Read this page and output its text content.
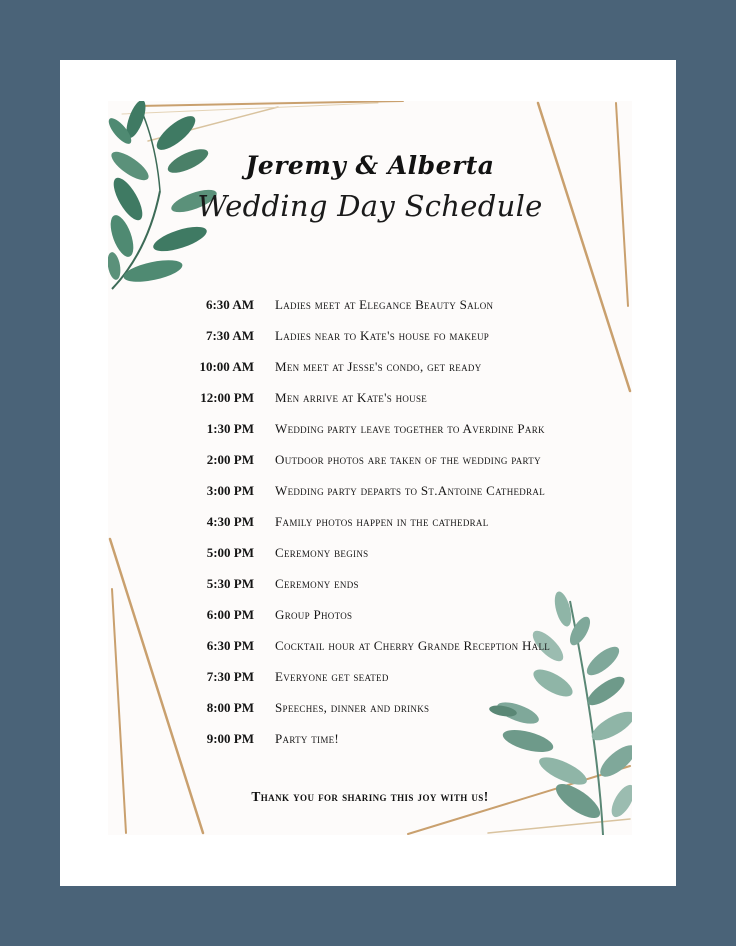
Jeremy & Alberta
Wedding Day Schedule
6:30 AM Ladies meet at Elegance Beauty Salon
7:30 AM Ladies near to Kate's house fo makeup
10:00 AM Men meet at Jesse's condo, get ready
12:00 PM Men arrive at Kate's house
1:30 PM Wedding party leave together to Averdine Park
2:00 PM Outdoor photos are taken of the wedding party
3:00 PM Wedding party departs to St.Antoine Cathedral
4:30 PM Family photos happen in the cathedral
5:00 PM Ceremony begins
5:30 PM Ceremony ends
6:00 PM Group Photos
6:30 PM Cocktail hour at Cherry Grande Reception Hall
7:30 PM Everyone get seated
8:00 PM Speeches, dinner and drinks
9:00 PM Party time!
Thank you for sharing this joy with us!
